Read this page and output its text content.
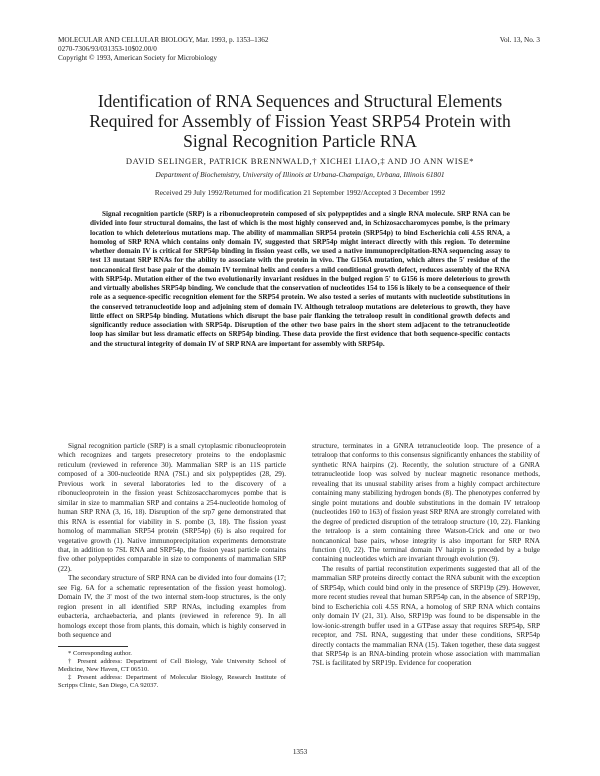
MOLECULAR AND CELLULAR BIOLOGY, Mar. 1993, p. 1353–1362
0270-7306/93/031353-10$02.00/0
Copyright © 1993, American Society for Microbiology
Vol. 13, No. 3
Identification of RNA Sequences and Structural Elements
Required for Assembly of Fission Yeast SRP54 Protein with
Signal Recognition Particle RNA
DAVID SELINGER, PATRICK BRENNWALD,† XICHEI LIAO,‡ AND JO ANN WISE*
Department of Biochemistry, University of Illinois at Urbana-Champaign, Urbana, Illinois 61801
Received 29 July 1992/Returned for modification 21 September 1992/Accepted 3 December 1992

Signal recognition particle (SRP) is a ribonucleoprotein composed of six polypeptides and a single RNA molecule. SRP RNA can be divided into four structural domains, the last of which is the most highly conserved and, in Schizosaccharomyces pombe, is the primary location to which deleterious mutations map. The ability of mammalian SRP54 protein (SRP54p) to bind Escherichia coli 4.5S RNA, a homolog of SRP RNA which contains only domain IV, suggested that SRP54p might interact directly with this region. To determine whether domain IV is critical for SRP54p binding in fission yeast cells, we used a native immunoprecipitation-RNA sequencing assay to test 13 mutant SRP RNAs for the ability to associate with the protein in vivo. The G156A mutation, which alters the 5' residue of the noncanonical first base pair of the domain IV terminal helix and confers a mild conditional growth defect, reduces assembly of the RNA with SRP54p. Mutation either of the two evolutionarily invariant residues in the bulged region 5' to G156 is more deleterious to growth and virtually abolishes SRP54p binding. We conclude that the conservation of nucleotides 154 to 156 is likely to be a consequence of their role as a sequence-specific recognition element for the SRP54 protein. We also tested a series of mutants with nucleotide substitutions in the conserved tetranucleotide loop and adjoining stem of domain IV. Although tetraloop mutations are deleterious to growth, they have little effect on SRP54p binding. Mutations which disrupt the base pair flanking the tetraloop result in conditional growth defects and significantly reduce association with SRP54p. Disruption of the other two base pairs in the short stem adjacent to the tetranucleotide loop has similar but less dramatic effects on SRP54p binding. These data provide the first evidence that both sequence-specific contacts and the structural integrity of domain IV of SRP RNA are important for assembly with SRP54p.

Signal recognition particle (SRP) is a small cytoplasmic ribonucleoprotein which recognizes and targets presecretory proteins to the endoplasmic reticulum (reviewed in reference 30). Mammalian SRP is an 11S particle composed of a 300-nucleotide RNA (7SL) and six polypeptides (28, 29). Previous work in several laboratories led to the discovery of a ribonucleoprotein in the fission yeast Schizosaccharomyces pombe that is similar in size to mammalian SRP and contains a 254-nucleotide homolog of human SRP RNA (3, 16, 18). Disruption of the srp7 gene demonstrated that this RNA is essential for viability in S. pombe (3, 18). The fission yeast homolog of mammalian SRP54 protein (SRP54p) (6) is also required for vegetative growth (1). Native immunoprecipitation experiments demonstrate that, in addition to 7SL RNA and SRP54p, the fission yeast particle contains five other polypeptides comparable in size to components of mammalian SRP (22).

The secondary structure of SRP RNA can be divided into four domains (17; see Fig. 6A for a schematic representation of the fission yeast homolog). Domain IV, the 3' most of the two internal stem-loop structures, is the only region present in all identified SRP RNAs, including examples from eubacteria, archaebacteria, and plants (reviewed in reference 9). In all homologs except those from plants, this domain, which is highly conserved in both sequence and

* Corresponding author.

† Present address: Department of Cell Biology, Yale University School of Medicine, New Haven, CT 06510.

‡ Present address: Department of Molecular Biology, Research Institute of Scripps Clinic, San Diego, CA 92037.

structure, terminates in a GNRA tetranucleotide loop. The presence of a tetraloop that conforms to this consensus significantly enhances the stability of synthetic RNA hairpins (2). Recently, the solution structure of a GNRA tetranucleotide loop was solved by nuclear magnetic resonance methods, revealing that its unusual stability arises from a highly compact architecture containing many stabilizing hydrogen bonds (8). The phenotypes conferred by single point mutations and double substitutions in the domain IV tetraloop (nucleotides 160 to 163) of fission yeast SRP RNA are strongly correlated with the degree of predicted disruption of the tetraloop structure (10, 22). Flanking the tetraloop is a stem containing three Watson-Crick and one or two noncanonical base pairs, whose integrity is also important for SRP RNA function (10, 22). The terminal domain IV hairpin is preceded by a bulge containing nucleotides which are invariant through evolution (9).

The results of partial reconstitution experiments suggested that all of the mammalian SRP proteins directly contact the RNA subunit with the exception of SRP54p, which could bind only in the presence of SRP19p (29). However, more recent studies reveal that human SRP54p can, in the absence of SRP19p, bind to Escherichia coli 4.5S RNA, a homolog of SRP RNA which contains only domain IV (21, 31). Also, SRP19p was found to be dispensable in the low-ionic-strength buffer used in a GTPase assay that requires SRP54p, SRP receptor, and 7SL RNA, suggesting that under these conditions, SRP54p directly contacts the mammalian RNA (15). Taken together, these data suggest that SRP54p is an RNA-binding protein whose association with mammalian 7SL is facilitated by SRP19p. Evidence for cooperation

1353
